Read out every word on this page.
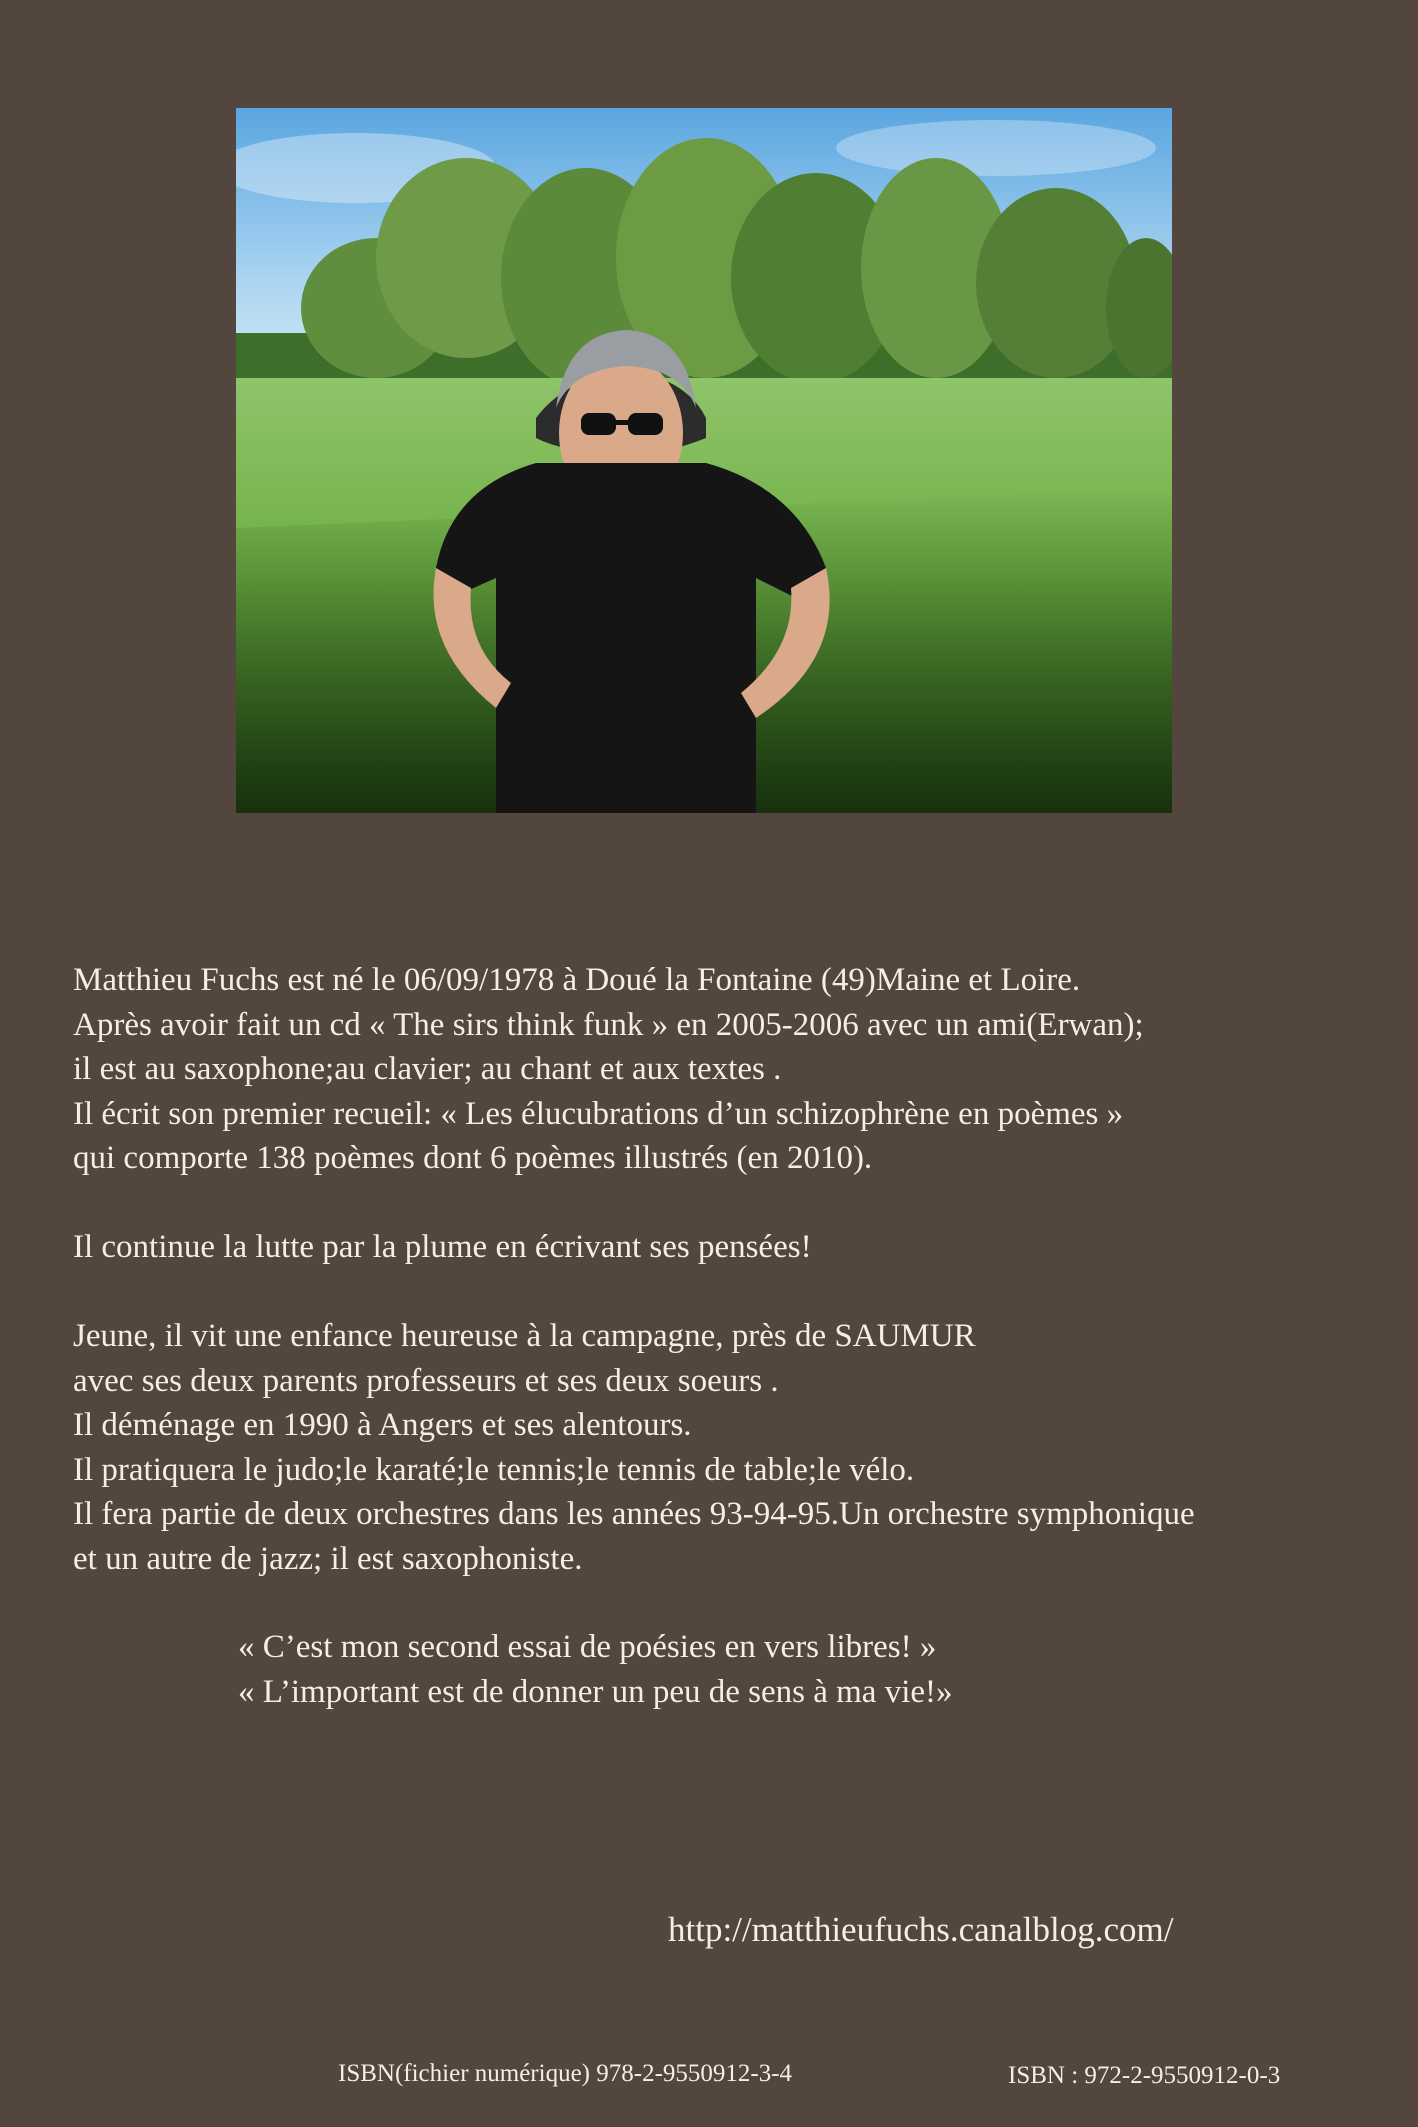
Matthieu Fuchs est né le 06/09/1978 à Doué la Fontaine (49)Maine et Loire.

Après avoir fait un cd « The sirs think funk » en 2005-2006 avec un ami(Erwan);

il est au saxophone;au clavier; au chant et aux textes .

Il écrit son premier recueil: « Les élucubrations d’un schizophrène en poèmes »

qui comporte 138 poèmes dont 6 poèmes illustrés (en 2010).

Il continue la lutte par la plume en écrivant ses pensées!

Jeune, il vit une enfance heureuse à la campagne, près de SAUMUR

avec ses deux parents professeurs et ses deux soeurs .

Il déménage en 1990 à Angers et ses alentours.

Il pratiquera le judo;le karaté;le tennis;le tennis de table;le vélo.

Il fera partie de deux orchestres dans les années 93-94-95.Un orchestre symphonique

et un autre de jazz; il est saxophoniste.

« C’est mon second essai de poésies en vers libres! »

« L’important est de donner un peu de sens à ma vie!»

http://matthieufuchs.canalblog.com/
ISBN(fichier numérique) 978-2-9550912-3-4	ISBN : 972-2-9550912-0-3
